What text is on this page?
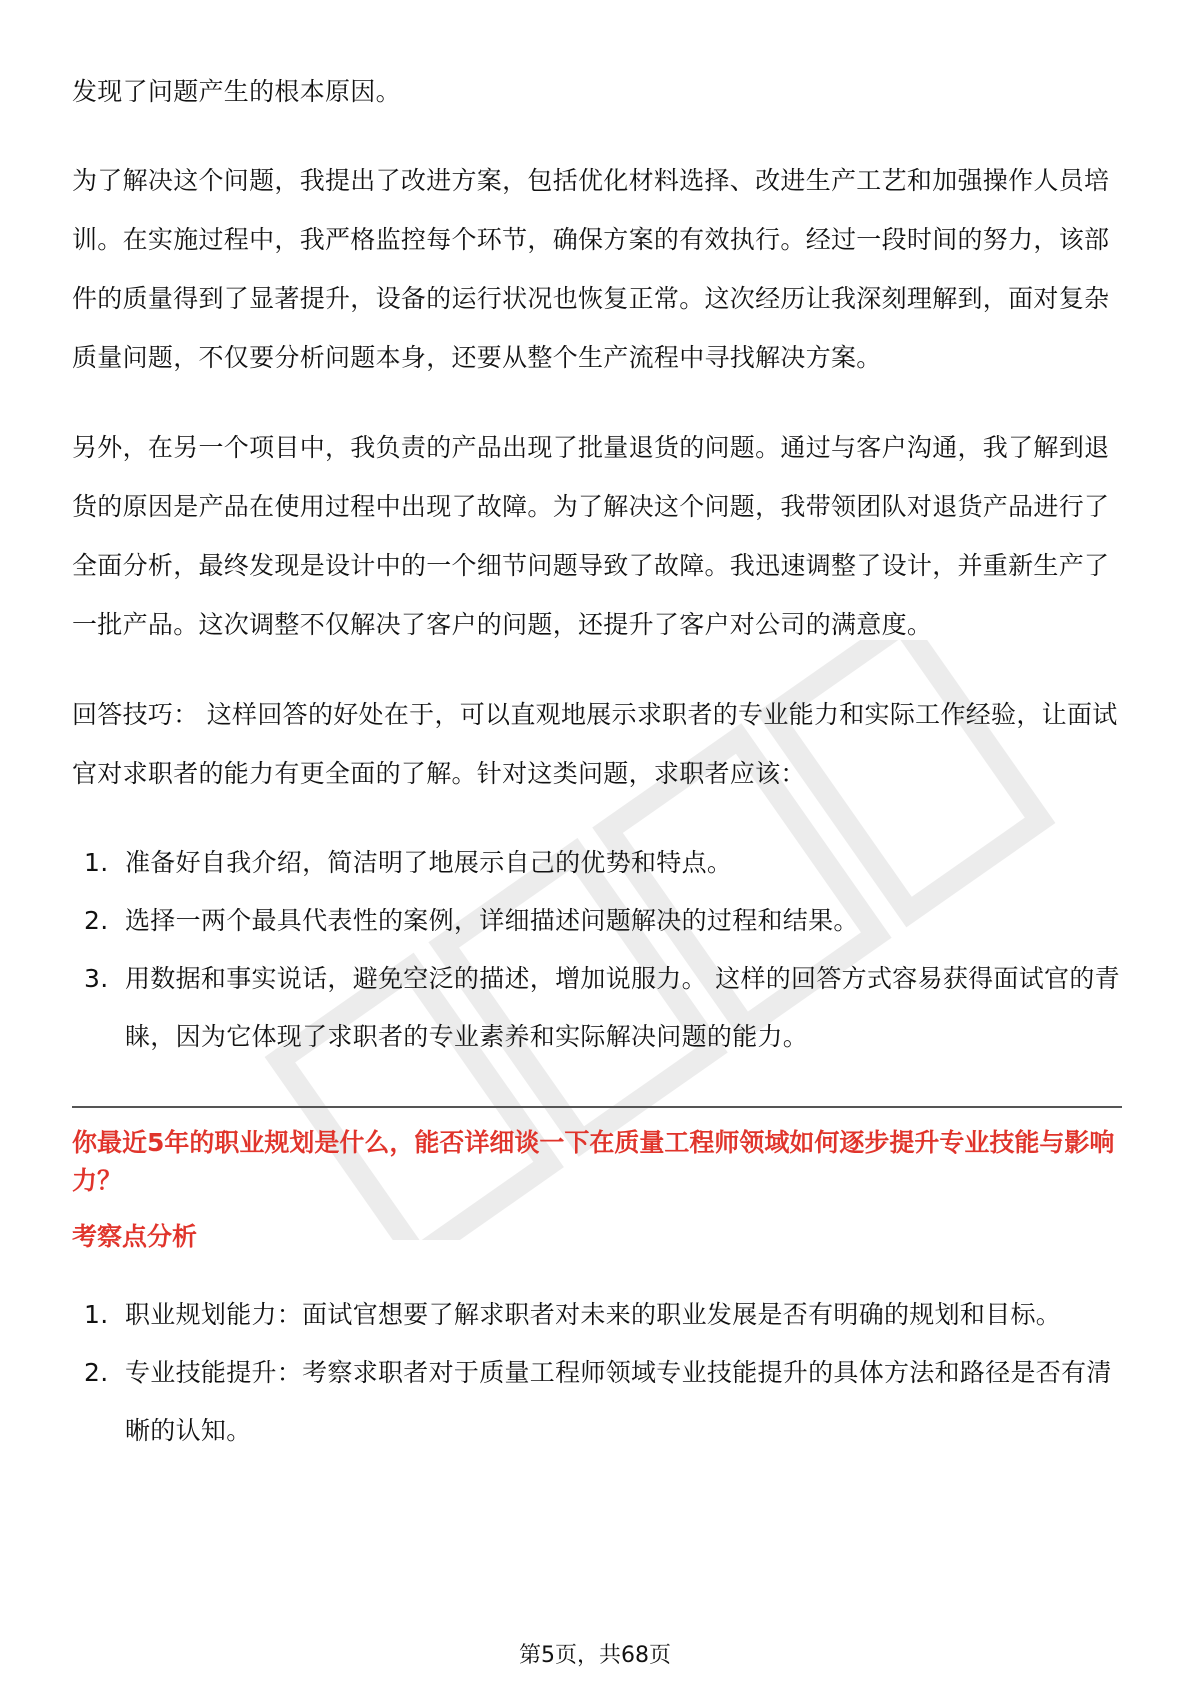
发现了问题产生的根本原因。

为了解决这个问题，我提出了改进方案，包括优化材料选择、改进生产工艺和加强操作人员培训。在实施过程中，我严格监控每个环节，确保方案的有效执行。经过一段时间的努力，该部件的质量得到了显著提升，设备的运行状况也恢复正常。这次经历让我深刻理解到，面对复杂质量问题，不仅要分析问题本身，还要从整个生产流程中寻找解决方案。

另外，在另一个项目中，我负责的产品出现了批量退货的问题。通过与客户沟通，我了解到退货的原因是产品在使用过程中出现了故障。为了解决这个问题，我带领团队对退货产品进行了全面分析，最终发现是设计中的一个细节问题导致了故障。我迅速调整了设计，并重新生产了一批产品。这次调整不仅解决了客户的问题，还提升了客户对公司的满意度。

回答技巧： 这样回答的好处在于，可以直观地展示求职者的专业能力和实际工作经验，让面试官对求职者的能力有更全面的了解。针对这类问题，求职者应该：

1. 准备好自我介绍，简洁明了地展示自己的优势和特点。
2. 选择一两个最具代表性的案例，详细描述问题解决的过程和结果。
3. 用数据和事实说话，避免空泛的描述，增加说服力。 这样的回答方式容易获得面试官的青睐，因为它体现了求职者的专业素养和实际解决问题的能力。
你最近5年的职业规划是什么，能否详细谈一下在质量工程师领域如何逐步提升专业技能与影响力？
考察点分析
1. 职业规划能力：面试官想要了解求职者对未来的职业发展是否有明确的规划和目标。
2. 专业技能提升：考察求职者对于质量工程师领域专业技能提升的具体方法和路径是否有清晰的认知。
第5页，共68页
